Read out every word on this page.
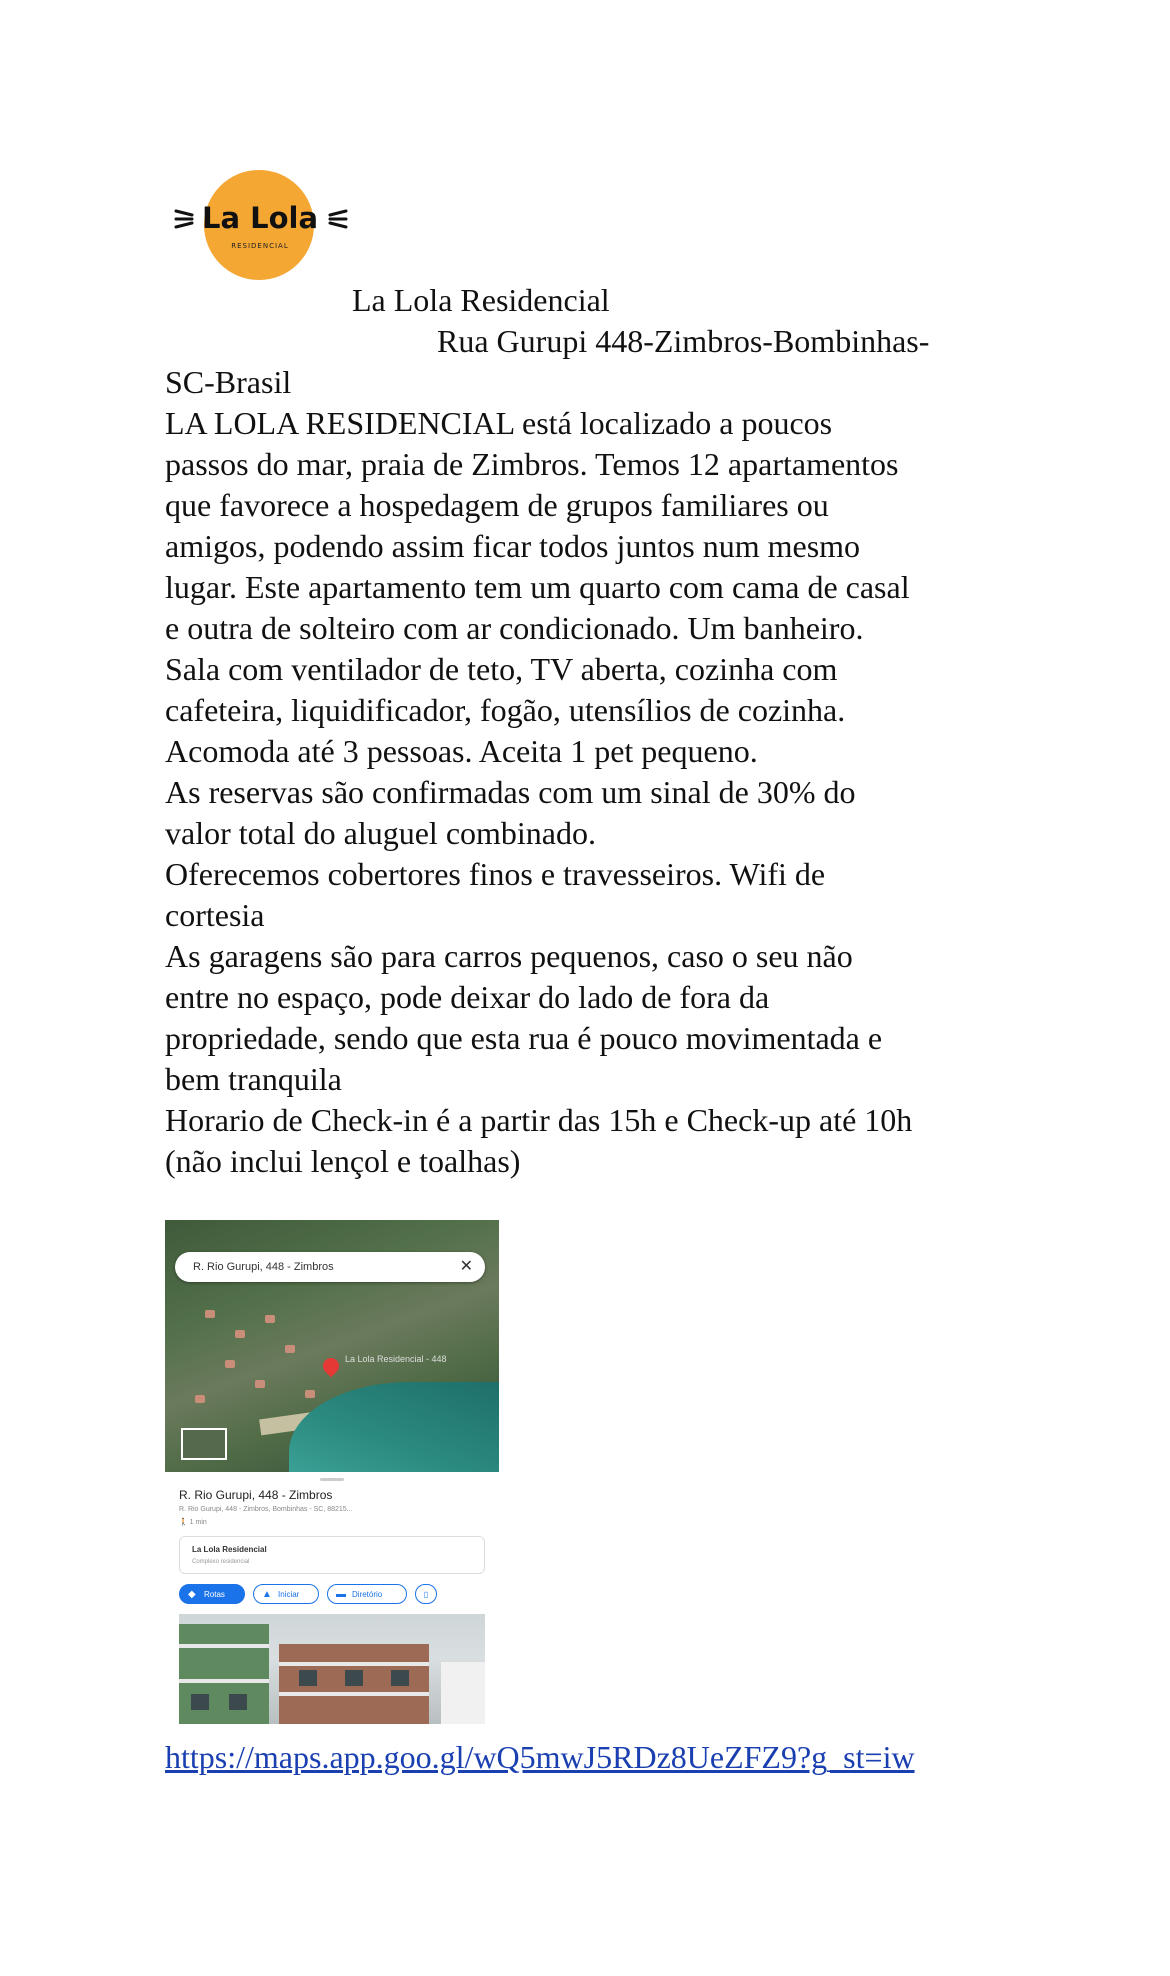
La Lola
RESIDENCIAL
La Lola Residencial
Rua Gurupi 448-Zimbros-Bombinhas-
SC-Brasil

LA LOLA RESIDENCIAL está localizado a poucos

passos do mar, praia de Zimbros. Temos 12 apartamentos

que favorece a hospedagem de grupos familiares ou

amigos, podendo assim ficar todos juntos num mesmo

lugar. Este apartamento tem um quarto com cama de casal

e outra de solteiro com ar condicionado. Um banheiro.

Sala com ventilador de teto, TV aberta, cozinha com

cafeteira, liquidificador, fogão, utensílios de cozinha.

Acomoda até 3 pessoas. Aceita 1 pet pequeno.

As reservas são confirmadas com um sinal de 30% do

valor total do aluguel combinado.

Oferecemos cobertores finos e travesseiros. Wifi de

cortesia

As garagens são para carros pequenos, caso o seu não

entre no espaço, pode deixar do lado de fora da

propriedade, sendo que esta rua é pouco movimentada e

bem tranquila

Horario de Check-in é a partir das 15h e Check-up até 10h

(não inclui lençol e toalhas)

R. Rio Gurupi, 448 - Zimbros	✕
La Lola Residencial - 448
R. Rio Gurupi, 448 - Zimbros
R. Rio Gurupi, 448 - Zimbros, Bombinhas - SC, 88215...
🚶 1 min
La Lola Residencial
Complexo residencial
◆ Rotas	▲ Iniciar	▬ Diretório	▯
https://maps.app.goo.gl/wQ5mwJ5RDz8UeZFZ9?g_st=iw
